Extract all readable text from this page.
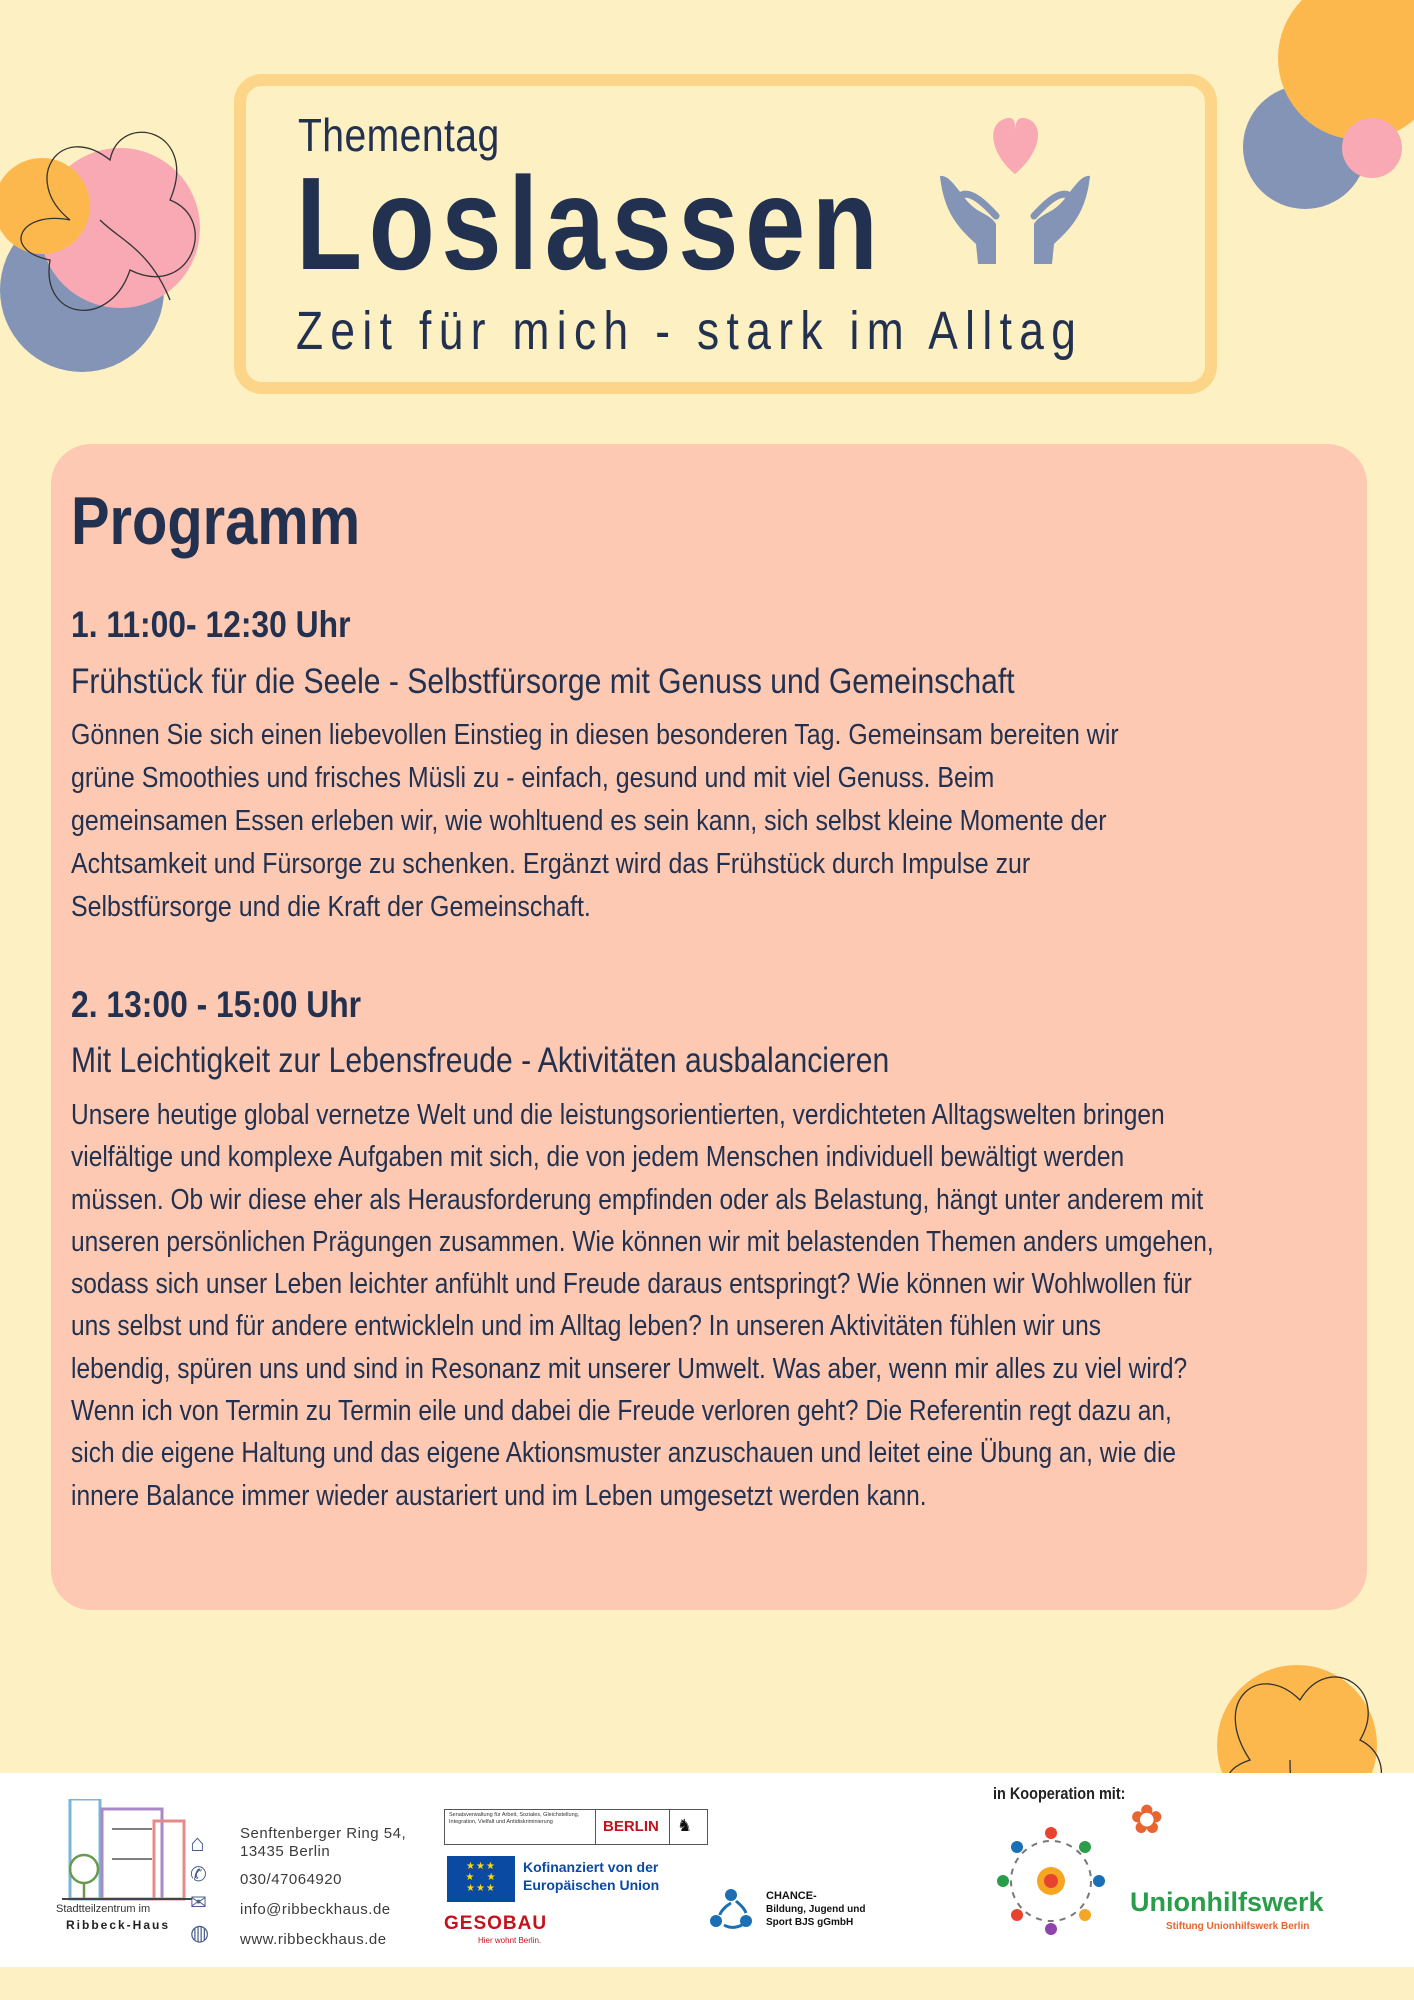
Thementag
Loslassen
Zeit für mich - stark im Alltag
Programm
1. 11:00- 12:30 Uhr
Frühstück für die Seele - Selbstfürsorge mit Genuss und Gemeinschaft
Gönnen Sie sich einen liebevollen Einstieg in diesen besonderen Tag. Gemeinsam bereiten wir
grüne Smoothies und frisches Müsli zu - einfach, gesund und mit viel Genuss. Beim
gemeinsamen Essen erleben wir, wie wohltuend es sein kann, sich selbst kleine Momente der
Achtsamkeit und Fürsorge zu schenken. Ergänzt wird das Frühstück durch Impulse zur
Selbstfürsorge und die Kraft der Gemeinschaft.
2. 13:00 - 15:00 Uhr
Mit Leichtigkeit zur Lebensfreude - Aktivitäten ausbalancieren
Unsere heutige global vernetze Welt und die leistungsorientierten, verdichteten Alltagswelten bringen
vielfältige und komplexe Aufgaben mit sich, die von jedem Menschen individuell bewältigt werden
müssen. Ob wir diese eher als Herausforderung empfinden oder als Belastung, hängt unter anderem mit
unseren persönlichen Prägungen zusammen. Wie können wir mit belastenden Themen anders umgehen,
sodass sich unser Leben leichter anfühlt und Freude daraus entspringt? Wie können wir Wohlwollen für
uns selbst und für andere entwickleln und im Alltag leben? In unseren Aktivitäten fühlen wir uns
lebendig, spüren uns und sind in Resonanz mit unserer Umwelt. Was aber, wenn mir alles zu viel wird?
Wenn ich von Termin zu Termin eile und dabei die Freude verloren geht? Die Referentin regt dazu an,
sich die eigene Haltung und das eigene Aktionsmuster anzuschauen und leitet eine Übung an, wie die
innere Balance immer wieder austariert und im Leben umgesetzt werden kann.
Stadtteilzentrum im
Ribbeck-Haus
⌂
✆
✉
◍
Senftenberger Ring 54,
13435 Berlin
030/47064920
info@ribbeckhaus.de
www.ribbeckhaus.de
Senatsverwaltung für Arbeit, Soziales, Gleichstellung, Integration, Vielfalt und Antidiskriminierung	BERLIN ♞
★★★
★   ★
★★★
Kofinanziert von der
Europäischen Union
GESOBAU
Hier wohnt Berlin.
CHANCE-
Bildung, Jugend und
Sport BJS gGmbH
✿
Unionhilfswerk
Stiftung Unionhilfswerk Berlin
in Kooperation mit:
